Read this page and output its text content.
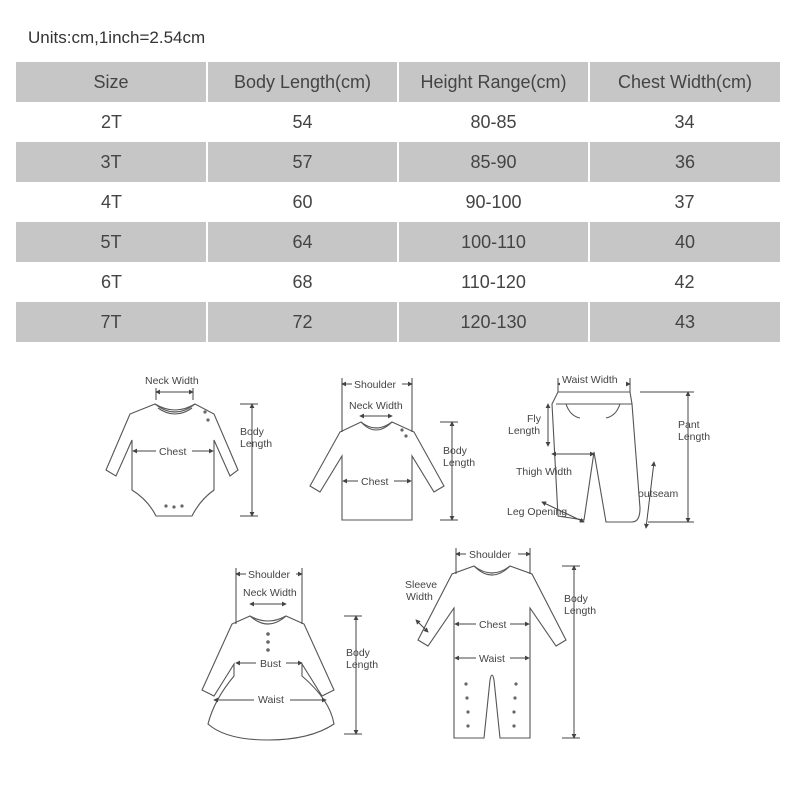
Units:cm,1inch=2.54cm
Size	Body Length(cm)	Height Range(cm)	Chest Width(cm)
2T	54	80-85	34
3T	57	85-90	36
4T	60	90-100	37
5T	64	100-110	40
6T	68	110-120	42
7T	72	120-130	43
Neck Width
Chest
Body
Length
Shoulder
Neck Width
Chest
Body
Length
Waist Width
Fly
Length	Pant
Length
Thigh Width
outseam
Leg Opening
Shoulder
Neck Width
Bust
Waist
Body
Length
Shoulder
Sleeve
Width
Chest
Waist
Body
Length
